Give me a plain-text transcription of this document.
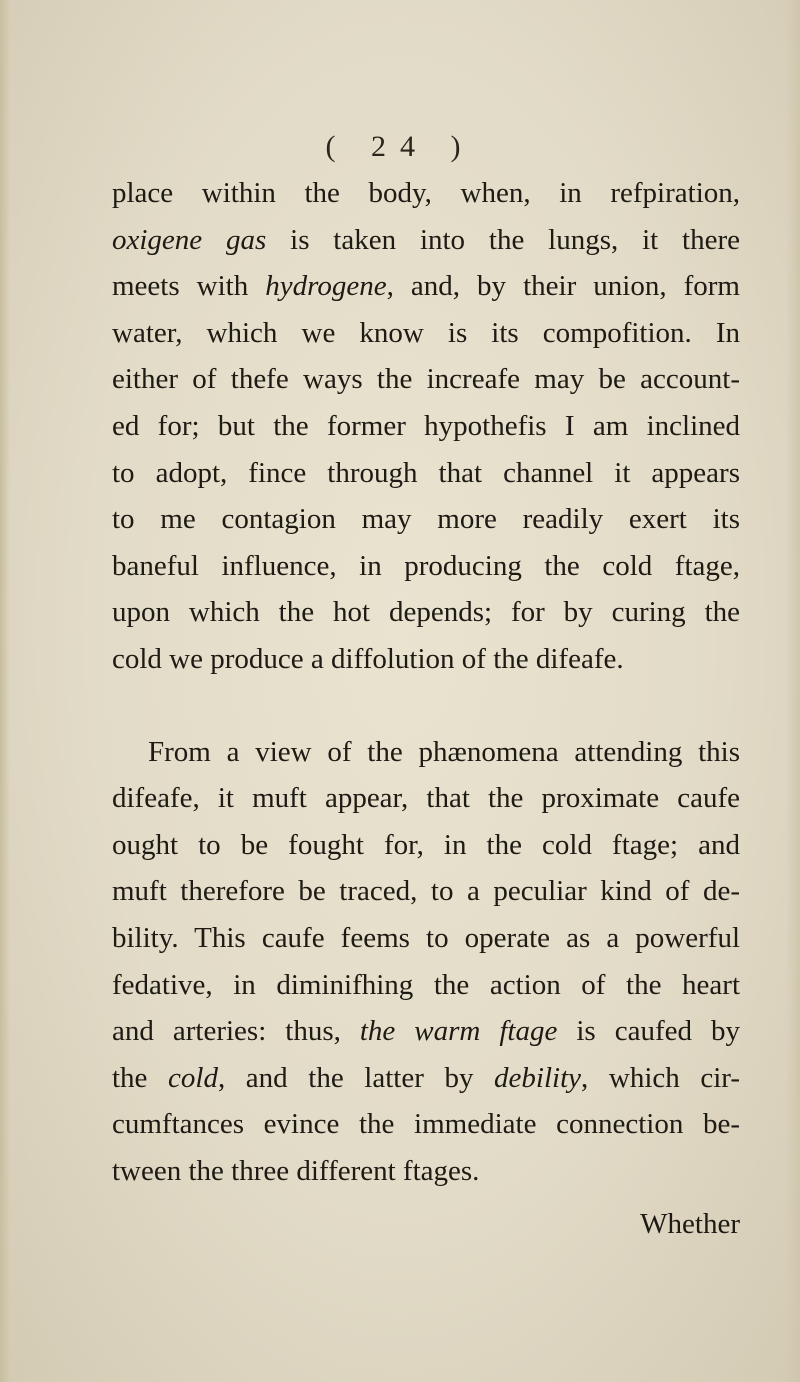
( 24 )
place within the body, when, in refpiration,
oxigene gas is taken into the lungs, it there
meets with hydrogene, and, by their union, form
water, which we know is its compofition. In
either of thefe ways the increafe may be account-
ed for; but the former hypothefis I am inclined
to adopt, fince through that channel it appears
to me contagion may more readily exert its
baneful influence, in producing the cold ftage,
upon which the hot depends; for by curing the
cold we produce a diffolution of the difeafe.
From a view of the phænomena attending this
difeafe, it muft appear, that the proximate caufe
ought to be fought for, in the cold ftage; and
muft therefore be traced, to a peculiar kind of de-
bility. This caufe feems to operate as a powerful
fedative, in diminifhing the action of the heart
and arteries: thus, the warm ftage is caufed by
the cold, and the latter by debility, which cir-
cumftances evince the immediate connection be-
tween the three different ftages.
Whether
